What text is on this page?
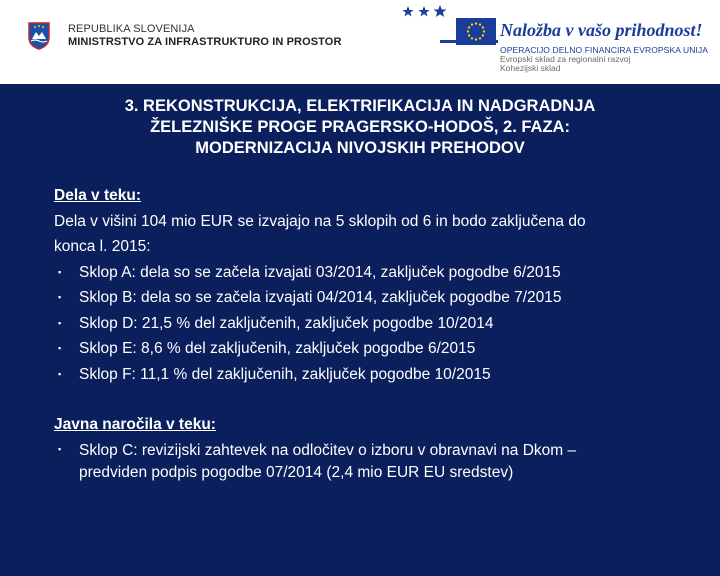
REPUBLIKA SLOVENIJA
MINISTRSTVO ZA INFRASTRUKTURO IN PROSTOR
Naložba v vašo prihodnost!
OPERACIJO DELNO FINANCIRA EVROPSKA UNIJA
Evropski sklad za regionalni razvoj
Kohezijski sklad
3. REKONSTRUKCIJA, ELEKTRIFIKACIJA IN NADGRADNJA
ŽELEZNIŠKE PROGE PRAGERSKO-HODOŠ, 2. FAZA:
MODERNIZACIJA NIVOJSKIH PREHODOV
Dela v teku:
Dela v višini 104 mio EUR se izvajajo na 5 sklopih od 6 in bodo zaključena do
konca l. 2015:
▪ Sklop A: dela so se začela izvajati 03/2014, zaključek pogodbe 6/2015
▪ Sklop B: dela so se začela izvajati 04/2014, zaključek pogodbe 7/2015
▪ Sklop D: 21,5 % del zaključenih, zaključek pogodbe 10/2014
▪ Sklop E: 8,6 % del zaključenih, zaključek pogodbe 6/2015
▪ Sklop F: 11,1 % del zaključenih, zaključek pogodbe 10/2015
Javna naročila v teku:
▪ Sklop C: revizijski zahtevek na odločitev o izboru v obravnavi na Dkom –
predviden podpis pogodbe 07/2014 (2,4 mio EUR EU sredstev)
